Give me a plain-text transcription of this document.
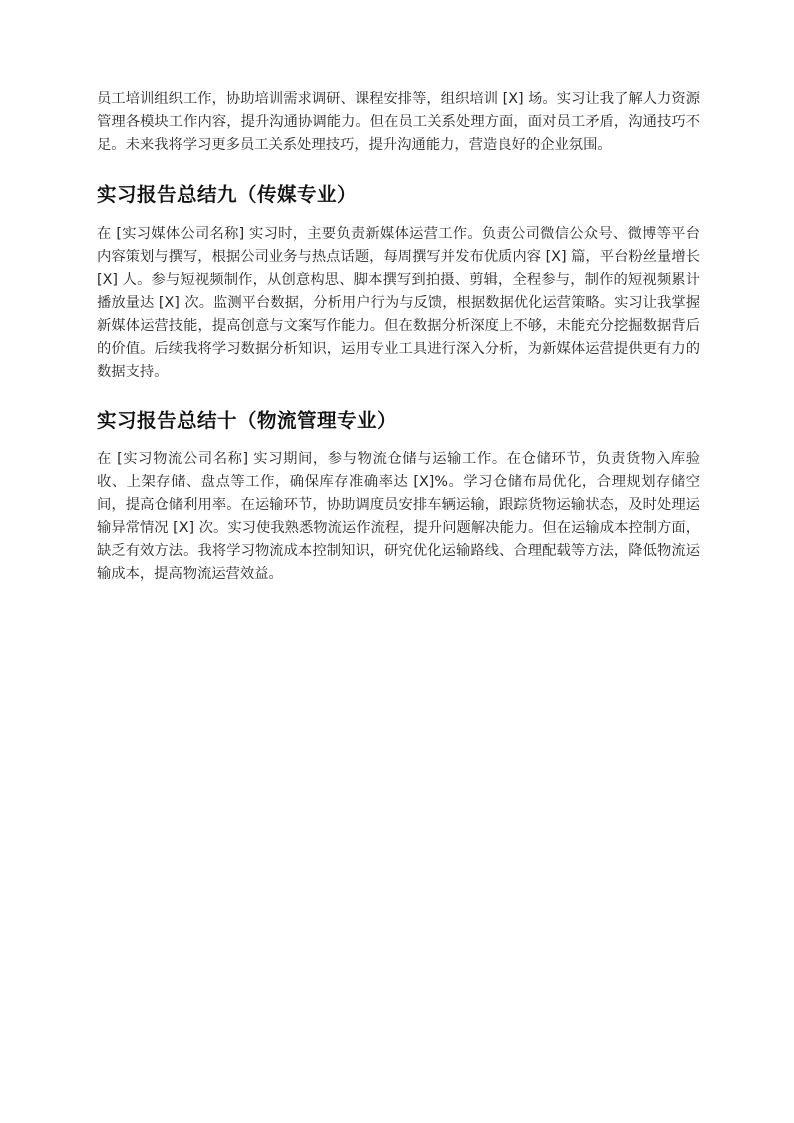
员工培训组织工作，协助培训需求调研、课程安排等，组织培训 [X] 场。实习让我了解人力资源管理各模块工作内容，提升沟通协调能力。但在员工关系处理方面，面对员工矛盾，沟通技巧不足。未来我将学习更多员工关系处理技巧，提升沟通能力，营造良好的企业氛围。

实习报告总结九（传媒专业）

在 [实习媒体公司名称] 实习时，主要负责新媒体运营工作。负责公司微信公众号、微博等平台内容策划与撰写，根据公司业务与热点话题，每周撰写并发布优质内容 [X] 篇，平台粉丝量增长 [X] 人。参与短视频制作，从创意构思、脚本撰写到拍摄、剪辑，全程参与，制作的短视频累计播放量达 [X] 次。监测平台数据，分析用户行为与反馈，根据数据优化运营策略。实习让我掌握新媒体运营技能，提高创意与文案写作能力。但在数据分析深度上不够，未能充分挖掘数据背后的价值。后续我将学习数据分析知识，运用专业工具进行深入分析，为新媒体运营提供更有力的数据支持。

实习报告总结十（物流管理专业）

在 [实习物流公司名称] 实习期间，参与物流仓储与运输工作。在仓储环节，负责货物入库验收、上架存储、盘点等工作，确保库存准确率达 [X]%。学习仓储布局优化，合理规划存储空间，提高仓储利用率。在运输环节，协助调度员安排车辆运输，跟踪货物运输状态，及时处理运输异常情况 [X] 次。实习使我熟悉物流运作流程，提升问题解决能力。但在运输成本控制方面，缺乏有效方法。我将学习物流成本控制知识，研究优化运输路线、合理配载等方法，降低物流运输成本，提高物流运营效益。
